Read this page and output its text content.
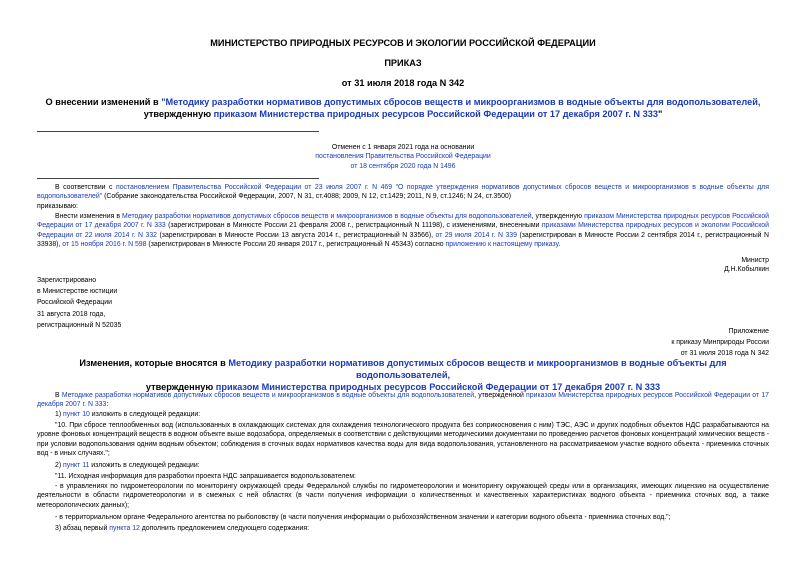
МИНИСТЕРСТВО ПРИРОДНЫХ РЕСУРСОВ И ЭКОЛОГИИ РОССИЙСКОЙ ФЕДЕРАЦИИ
ПРИКАЗ
от 31 июля 2018 года N 342
О внесении изменений в "Методику разработки нормативов допустимых сбросов веществ и микроорганизмов в водные объекты для водопользователей,
утвержденную приказом Министерства природных ресурсов Российской Федерации от 17 декабря 2007 г. N 333"

Отменен с 1 января 2021 года на основании

постановления Правительства Российской Федерации

от 18 сентября 2020 года N 1496

В соответствии с постановлением Правительства Российской Федерации от 23 июля 2007 г. N 469 "О порядке утверждения нормативов допустимых сбросов веществ и микроорганизмов в водные объекты для водопользователей" (Собрание законодательства Российской Федерации, 2007, N 31, ст.4088; 2009, N 12, ст.1429; 2011, N 9, ст.1246; N 24, ст.3500)
приказываю:
Внести изменения в Методику разработки нормативов допустимых сбросов веществ и микроорганизмов в водные объекты для водопользователей, утвержденную приказом Министерства природных ресурсов Российской Федерации от 17 декабря 2007 г. N 333 (зарегистрирован в Минюсте России 21 февраля 2008 г., регистрационный N 11198), с изменениями, внесенными приказами Министерства природных ресурсов и экологии Российской Федерации от 22 июля 2014 г. N 332 (зарегистрирован в Минюсте России 13 августа 2014 г., регистрационный N 33566), от 29 июля 2014 г. N 339 (зарегистрирован в Минюсте России 2 сентября 2014 г., регистрационный N 33938), от 15 ноября 2016 г. N 598 (зарегистрирован в Минюсте России 20 января 2017 г., регистрационный N 45343) согласно приложению к настоящему приказу.

Министр

Д.Н.Кобылкин

Зарегистрировано

в Министерстве юстиции

Российской Федерации

31 августа 2018 года,

регистрационный N 52035

Приложение

к приказу Минприроды России

от 31 июля 2018 года N 342

Изменения, которые вносятся в Методику разработки нормативов допустимых сбросов веществ и микроорганизмов в водные объекты для водопользователей,
утвержденную приказом Министерства природных ресурсов Российской Федерации от 17 декабря 2007 г. N 333
В Методике разработки нормативов допустимых сбросов веществ и микроорганизмов в водные объекты для водопользователей, утвержденной приказом Министерства природных ресурсов Российской Федерации от 17 декабря 2007 г. N 333:
1) пункт 10 изложить в следующей редакции:
"10. При сбросе теплообменных вод (использованных в охлаждающих системах для охлаждения технологического продукта без соприкосновения с ним) ТЭС, АЭС и других подобных объектов НДС разрабатываются на уровне фоновых концентраций веществ в водном объекте выше водозабора, определяемых в соответствии с действующими методическими документами по проведению расчетов фоновых концентраций химических веществ - при условии водопользования одним водным объектом; соблюдения в сточных водах нормативов качества воды для вида водопользования, установленного на рассматриваемом участке водного объекта - приемника сточных вод - в иных случаях.";
2) пункт 11 изложить в следующей редакции:
"11. Исходная информация для разработки проекта НДС запрашивается водопользователем:
- в управлениях по гидрометеорологии по мониторингу окружающей среды Федеральной службы по гидрометеорологии и мониторингу окружающей среды или в организациях, имеющих лицензию на осуществление деятельности в области гидрометеорологии и в смежных с ней областях (в части получения информации о количественных и качественных характеристиках водного объекта - приемника сточных вод, а также метеорологических данных);
- в территориальном органе Федерального агентства по рыболовству (в части получения информации о рыбохозяйственном значении и категории водного объекта - приемника сточных вод.";
3) абзац первый пункта 12 дополнить предложением следующего содержания:
